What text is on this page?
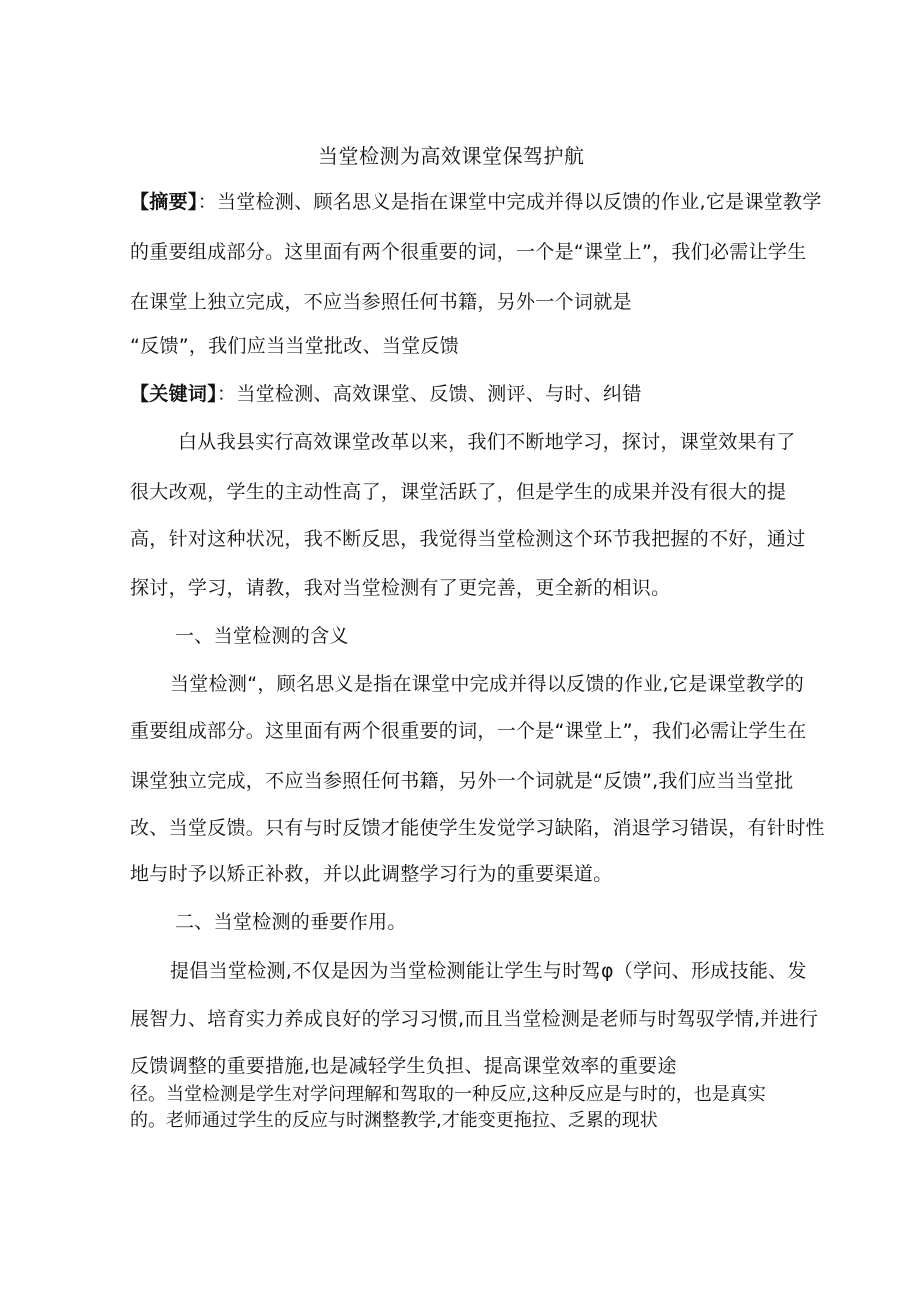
当堂检测为高效课堂保驾护航
【摘要】：当堂检测、顾名思义是指在课堂中完成并得以反馈的作业,它是课堂教学
的重要组成部分。这里面有两个很重要的词，一个是“课堂上”，我们必需让学生
在课堂上独立完成，不应当参照任何书籍，另外一个词就是
“反馈”，我们应当当堂批改、当堂反馈
【关键词】：当堂检测、高效课堂、反馈、测评、与时、纠错
白从我县实行高效课堂改革以来，我们不断地学习，探讨，课堂效果有了
很大改观，学生的主动性高了，课堂活跃了，但是学生的成果并没有很大的提
高，针对这种状况，我不断反思，我觉得当堂检测这个环节我把握的不好，通过
探讨，学习，请教，我对当堂检测有了更完善，更全新的相识。
一、当堂检测的含义
当堂检测“，顾名思义是指在课堂中完成并得以反馈的作业,它是课堂教学的
重要组成部分。这里面有两个很重要的词，一个是“课堂上”，我们必需让学生在
课堂独立完成，不应当参照任何书籍，另外一个词就是“反馈”,我们应当当堂批
改、当堂反馈。只有与时反馈才能使学生发觉学习缺陷，消退学习错误，有针时性
地与时予以矫正补救，并以此调整学习行为的重要渠道。
二、当堂检测的垂要作用。
提倡当堂检测,不仅是因为当堂检测能让学生与时驾φ（学问、形成技能、发
展智力、培育实力养成良好的学习习惯,而且当堂检测是老师与时驾驭学情,并进行
反馈调整的重要措施,也是减轻学生负担、提高课堂效率的重要途
径。当堂检测是学生对学问理解和驾取的一种反应,这种反应是与时的，也是真实
的。老师通过学生的反应与时渊整教学,才能变更拖拉、乏累的现状
